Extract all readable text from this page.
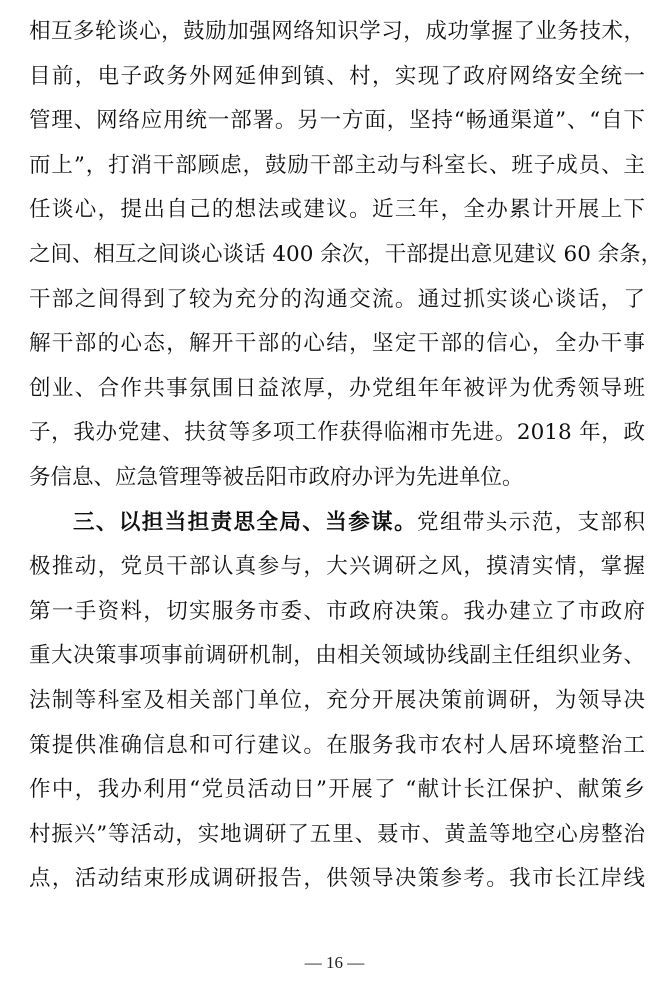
相互多轮谈心，鼓励加强网络知识学习，成功掌握了业务技术，
目前，电子政务外网延伸到镇、村，实现了政府网络安全统一
管理、网络应用统一部署。另一方面，坚持“畅通渠道”、“自下
而上”，打消干部顾虑，鼓励干部主动与科室长、班子成员、主
任谈心，提出自己的想法或建议。近三年，全办累计开展上下
之间、相互之间谈心谈话 400 余次，干部提出意见建议 60 余条，
干部之间得到了较为充分的沟通交流。通过抓实谈心谈话，了
解干部的心态，解开干部的心结，坚定干部的信心，全办干事
创业、合作共事氛围日益浓厚，办党组年年被评为优秀领导班
子，我办党建、扶贫等多项工作获得临湘市先进。2018 年，政
务信息、应急管理等被岳阳市政府办评为先进单位。
三、以担当担责思全局、当参谋。党组带头示范，支部积
极推动，党员干部认真参与，大兴调研之风，摸清实情，掌握
第一手资料，切实服务市委、市政府决策。我办建立了市政府
重大决策事项事前调研机制，由相关领域协线副主任组织业务、
法制等科室及相关部门单位，充分开展决策前调研，为领导决
策提供准确信息和可行建议。在服务我市农村人居环境整治工
作中，我办利用“党员活动日”开展了 “献计长江保护、献策乡
村振兴”等活动，实地调研了五里、聂市、黄盖等地空心房整治
点，活动结束形成调研报告，供领导决策参考。我市长江岸线
— 16 —
